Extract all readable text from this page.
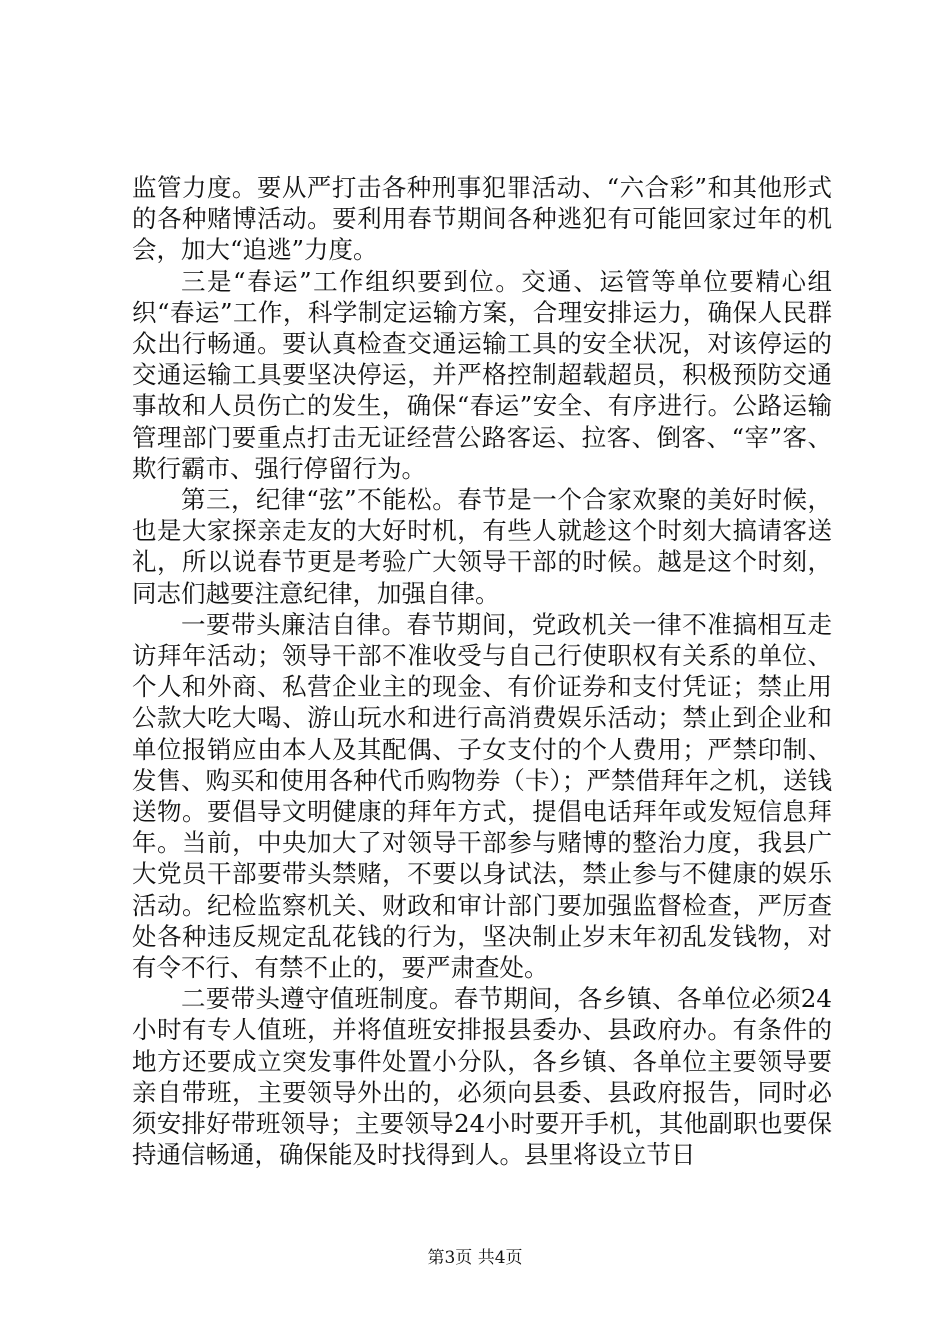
监管力度。要从严打击各种刑事犯罪活动、“六合彩”和其他形式的各种赌博活动。要利用春节期间各种逃犯有可能回家过年的机会，加大“追逃”力度。

三是“春运”工作组织要到位。交通、运管等单位要精心组织“春运”工作，科学制定运输方案，合理安排运力，确保人民群众出行畅通。要认真检查交通运输工具的安全状况，对该停运的交通运输工具要坚决停运，并严格控制超载超员，积极预防交通事故和人员伤亡的发生，确保“春运”安全、有序进行。公路运输管理部门要重点打击无证经营公路客运、拉客、倒客、“宰”客、欺行霸市、强行停留行为。

第三，纪律“弦”不能松。春节是一个合家欢聚的美好时候，也是大家探亲走友的大好时机，有些人就趁这个时刻大搞请客送礼，所以说春节更是考验广大领导干部的时候。越是这个时刻，同志们越要注意纪律，加强自律。

一要带头廉洁自律。春节期间，党政机关一律不准搞相互走访拜年活动；领导干部不准收受与自己行使职权有关系的单位、个人和外商、私营企业主的现金、有价证券和支付凭证；禁止用公款大吃大喝、游山玩水和进行高消费娱乐活动；禁止到企业和单位报销应由本人及其配偶、子女支付的个人费用；严禁印制、发售、购买和使用各种代币购物券（卡）；严禁借拜年之机，送钱送物。要倡导文明健康的拜年方式，提倡电话拜年或发短信息拜年。当前，中央加大了对领导干部参与赌博的整治力度，我县广大党员干部要带头禁赌，不要以身试法，禁止参与不健康的娱乐活动。纪检监察机关、财政和审计部门要加强监督检查，严厉查处各种违反规定乱花钱的行为，坚决制止岁末年初乱发钱物，对有令不行、有禁不止的，要严肃查处。

二要带头遵守值班制度。春节期间，各乡镇、各单位必须24小时有专人值班，并将值班安排报县委办、县政府办。有条件的地方还要成立突发事件处置小分队，各乡镇、各单位主要领导要亲自带班，主要领导外出的，必须向县委、县政府报告，同时必须安排好带班领导；主要领导24小时要开手机，其他副职也要保持通信畅通，确保能及时找得到人。县里将设立节日

第3页 共4页
